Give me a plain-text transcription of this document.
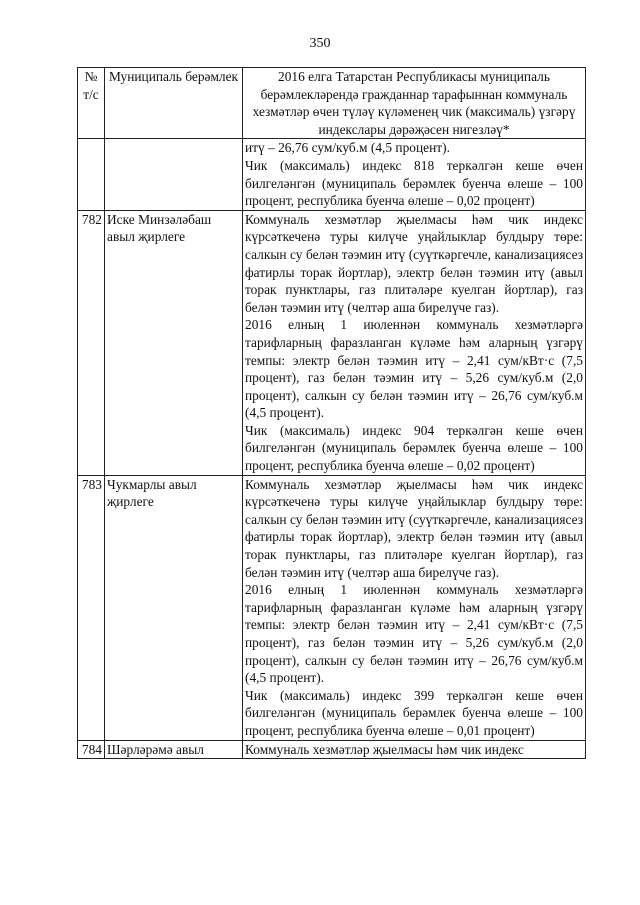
350
№ т/с	Муниципаль берәмлек	2016 елга Татарстан Республикасы муниципаль берәмлекләрендә гражданнар тарафыннан коммуналь хезмәтләр өчен түләү күләменең чик (максималь) үзгәрү индекслары дәрәҗәсен нигезләү*

		итү – 26,76 сум/куб.м (4,5 процент).
Чик (максималь) индекс 818 теркәлгән кеше өчен билгеләнгән (муниципаль берәмлек буенча өлеше – 100 процент, республика буенча өлеше – 0,02 процент)

782	Иске Минзәләбаш авыл җирлеге	Коммуналь хезмәтләр җыелмасы һәм чик индекс күрсәткеченә туры килүче уңайлыклар булдыру төре: салкын су белән тәэмин итү (суүткәргечле, канализациясез фатирлы торак йортлар), электр белән тәэмин итү (авыл торак пунктлары, газ плитәләре куелган йортлар), газ белән тәэмин итү (челтәр аша бирелүче газ).
2016 елның 1 июленнән коммуналь хезмәтләргә тарифларның фаразланган күләме һәм аларның үзгәрү темпы: электр белән тәэмин итү – 2,41 сум/кВт·с (7,5 процент), газ белән тәэмин итү – 5,26 сум/куб.м (2,0 процент), салкын су белән тәэмин итү – 26,76 сум/куб.м (4,5 процент).
Чик (максималь) индекс 904 теркәлгән кеше өчен билгеләнгән (муниципаль берәмлек буенча өлеше – 100 процент, республика буенча өлеше – 0,02 процент)

783	Чукмарлы авыл җирлеге	Коммуналь хезмәтләр җыелмасы һәм чик индекс күрсәткеченә туры килүче уңайлыклар булдыру төре: салкын су белән тәэмин итү (суүткәргечле, канализациясез фатирлы торак йортлар), электр белән тәэмин итү (авыл торак пунктлары, газ плитәләре куелган йортлар), газ белән тәэмин итү (челтәр аша бирелүче газ).
2016 елның 1 июленнән коммуналь хезмәтләргә тарифларның фаразланган күләме һәм аларның үзгәрү темпы: электр белән тәэмин итү – 2,41 сум/кВт·с (7,5 процент), газ белән тәэмин итү – 5,26 сум/куб.м (2,0 процент), салкын су белән тәэмин итү – 26,76 сум/куб.м (4,5 процент).
Чик (максималь) индекс 399 теркәлгән кеше өчен билгеләнгән (муниципаль берәмлек буенча өлеше – 100 процент, республика буенча өлеше – 0,01 процент)

784	Шәрләрәмә авыл	Коммуналь хезмәтләр җыелмасы һәм чик индекс
